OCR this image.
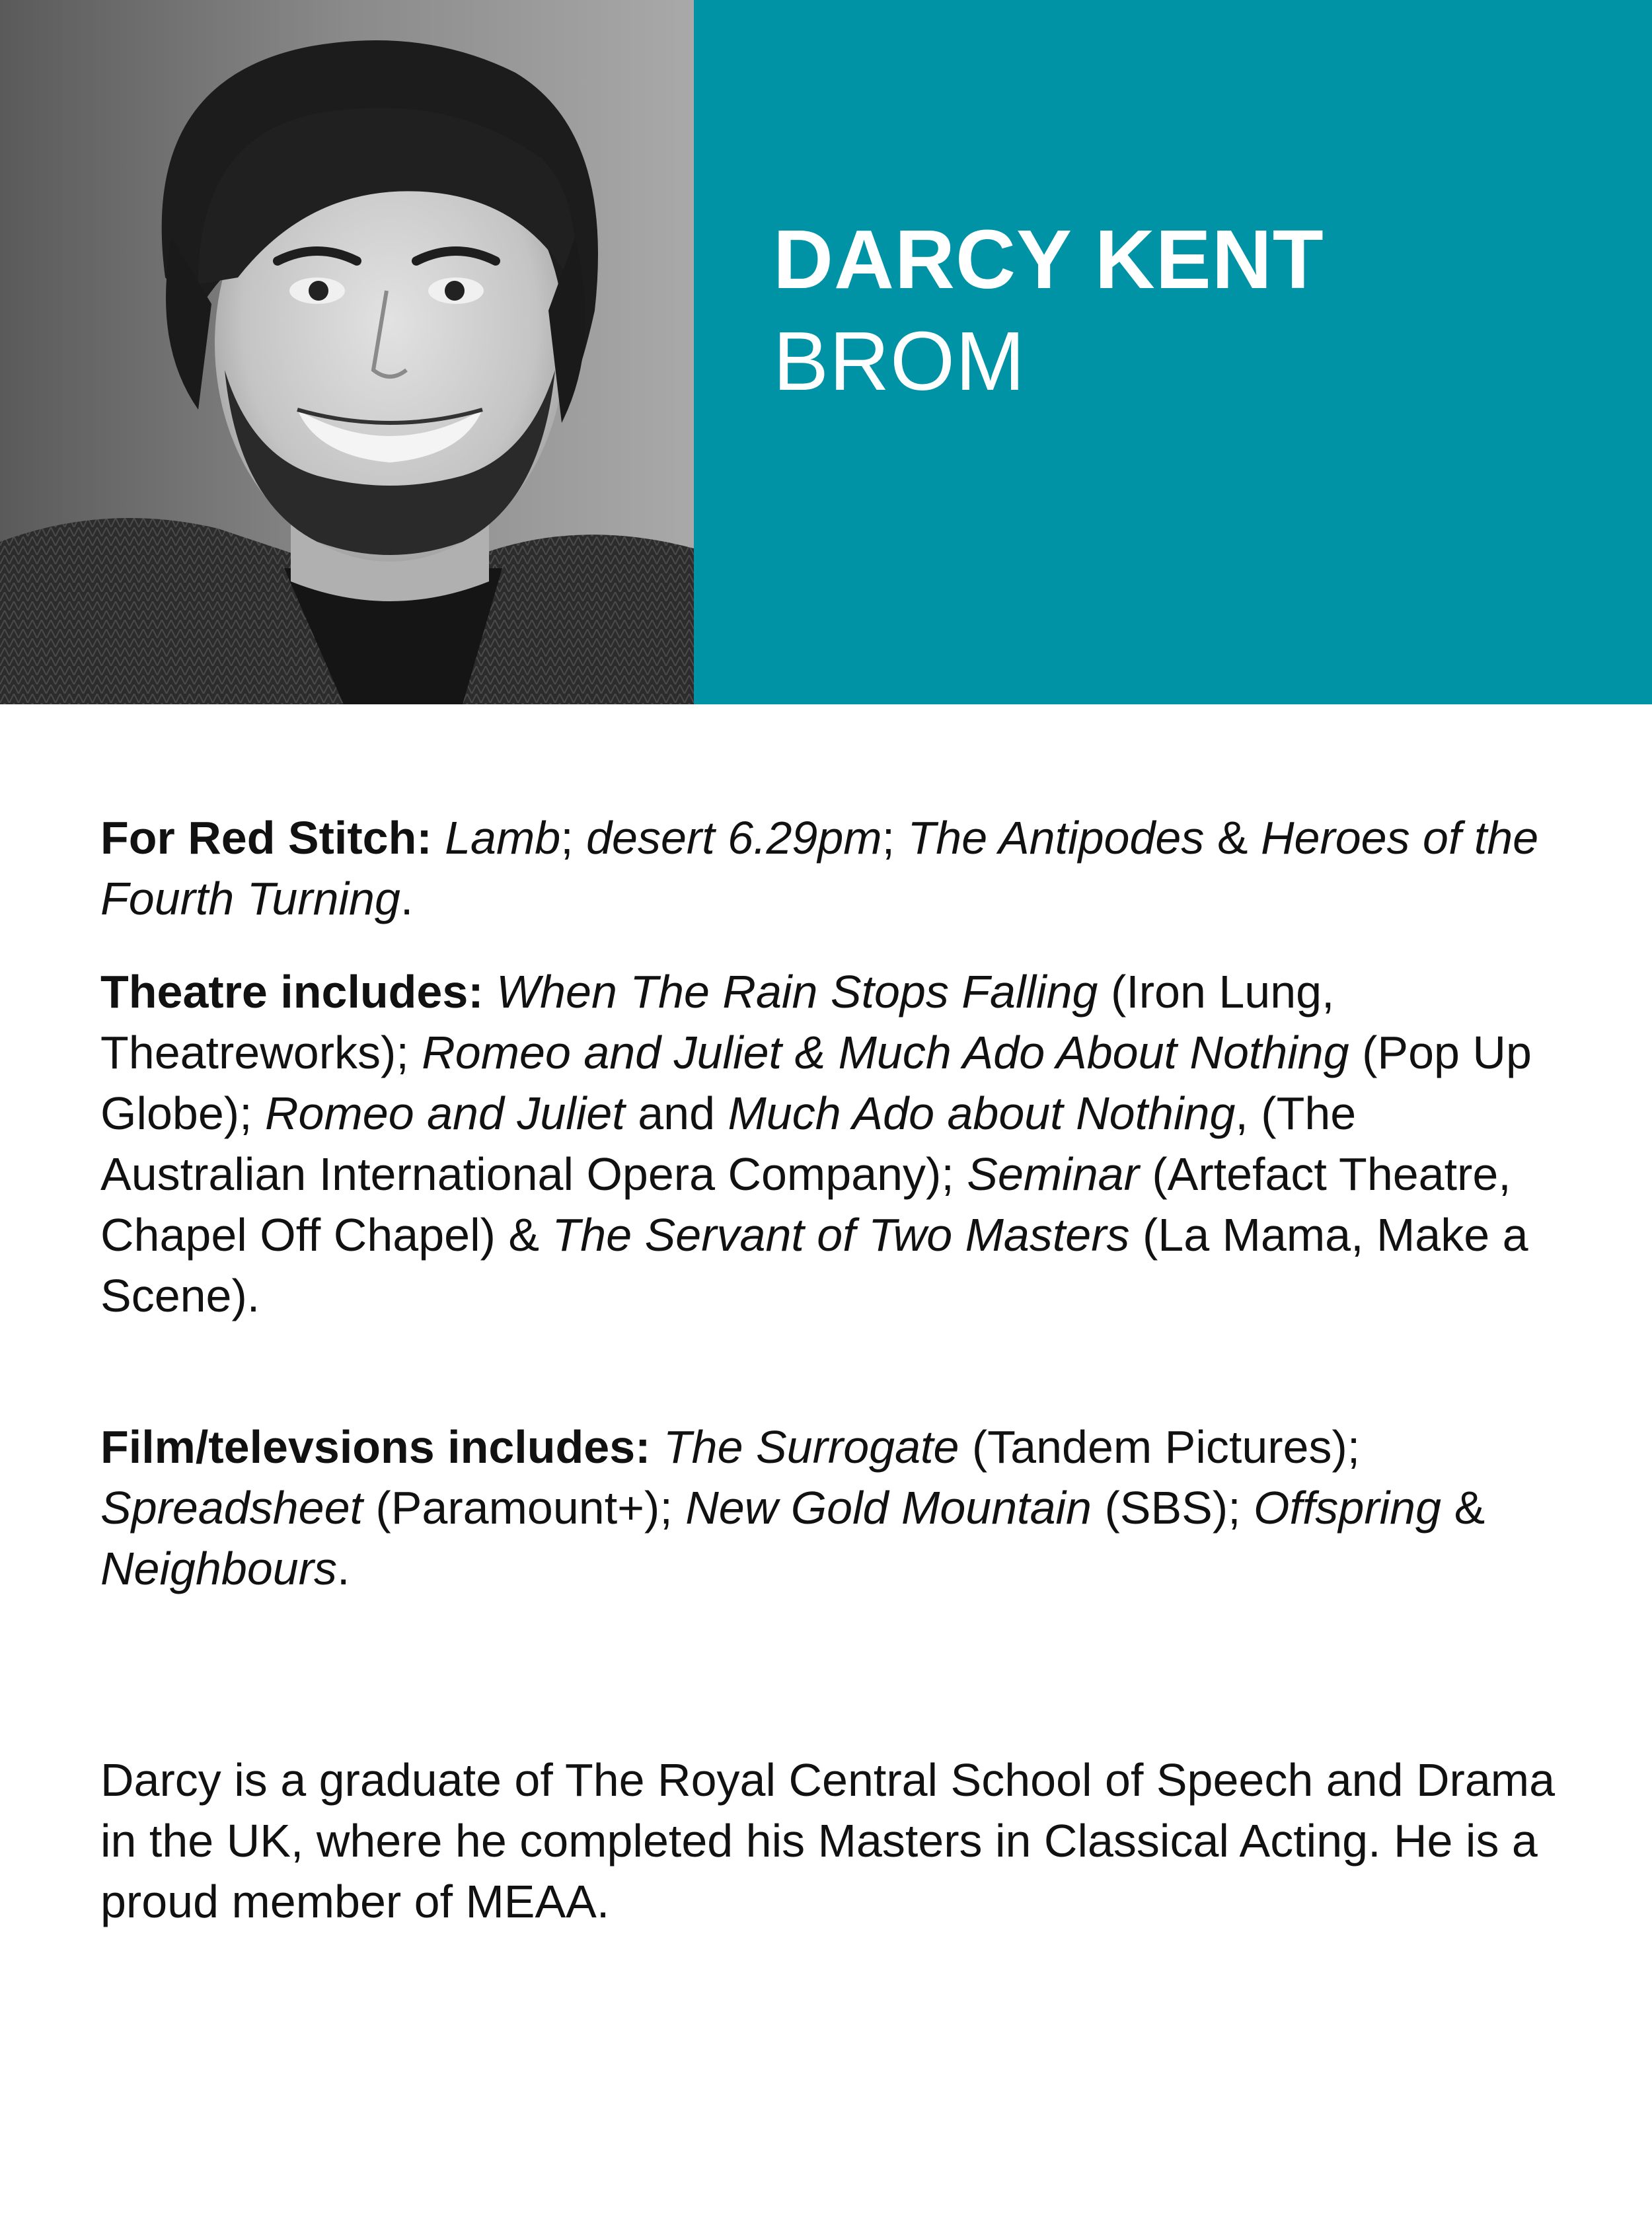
DARCY KENT
BROM

For Red Stitch: Lamb; desert 6.29pm; The Antipodes & Heroes of the Fourth Turning.

Theatre includes: When The Rain Stops Falling (Iron Lung, Theatreworks); Romeo and Juliet & Much Ado About Nothing (Pop Up Globe); Romeo and Juliet and Much Ado about Nothing, (The Australian International Opera Company); Seminar (Artefact Theatre, Chapel Off Chapel) & The Servant of Two Masters (La Mama, Make a Scene).

Film/televsions includes: The Surrogate (Tandem Pictures); Spreadsheet (Paramount+); New Gold Mountain (SBS); Offspring & Neighbours.

Darcy is a graduate of The Royal Central School of Speech and Drama in the UK, where he completed his Masters in Classical Acting. He is a proud member of MEAA.
